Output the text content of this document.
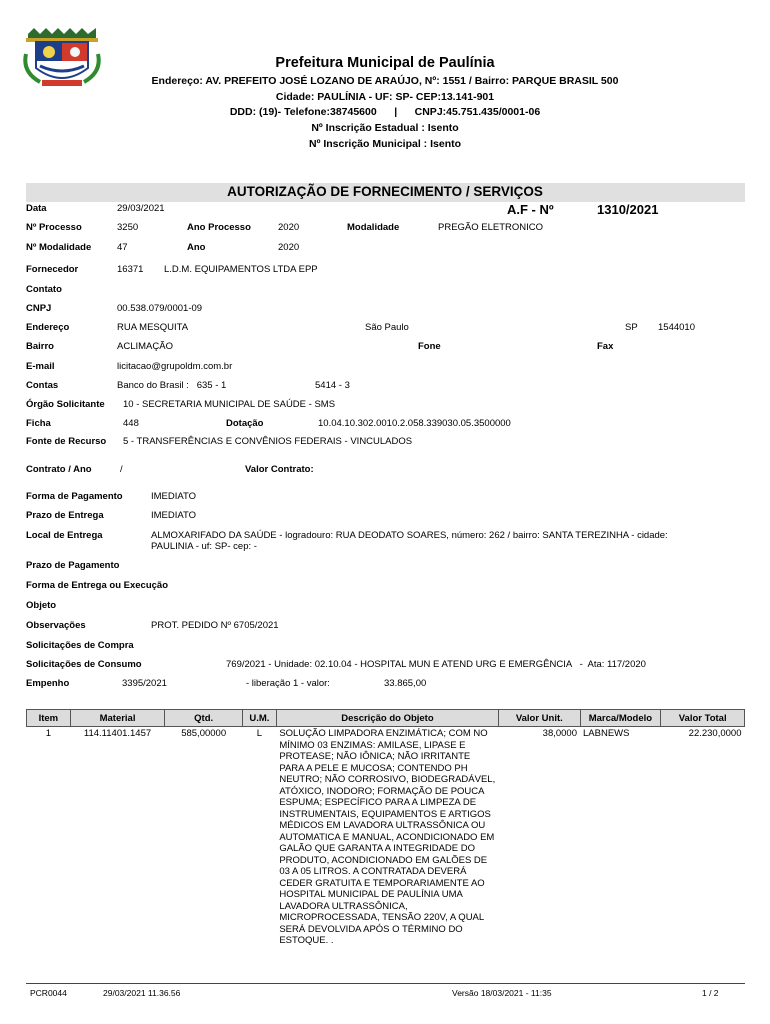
Prefeitura Municipal de Paulínia
Endereço: AV. PREFEITO JOSÉ LOZANO DE ARAÚJO, Nº: 1551 / Bairro: PARQUE BRASIL 500
Cidade: PAULÍNIA - UF: SP- CEP:13.141-901
DDD: (19)- Telefone:38745600      |      CNPJ:45.751.435/0001-06
Nº Inscrição Estadual : Isento
Nº Inscrição Municipal : Isento
AUTORIZAÇÃO DE FORNECIMENTO / SERVIÇOS
Data	29/03/2021	A.F - Nº	1310/2021
Nº Processo	3250	Ano Processo	2020	Modalidade	PREGÃO ELETRONICO
Nº Modalidade	47	Ano	2020
Fornecedor	16371 L.D.M. EQUIPAMENTOS LTDA EPP
Contato
CNPJ	00.538.079/0001-09
Endereço	RUA MESQUITA	São Paulo	SP 1544010
Bairro	ACLIMAÇÃO	Fone	Fax
E-mail	licitacao@grupoldm.com.br
Contas	Banco do Brasil :   635 - 1	5414 - 3
Órgão Solicitante 10 - SECRETARIA MUNICIPAL DE SAÚDE - SMS
Ficha	448	Dotação	10.04.10.302.0010.2.058.339030.05.3500000
Fonte de Recurso 5 - TRANSFERÊNCIAS E CONVÊNIOS FEDERAIS - VINCULADOS
Contrato / Ano	/	Valor Contrato:
Forma de Pagamento	IMEDIATO
Prazo de Entrega	IMEDIATO
Local de Entrega	ALMOXARIFADO DA SAÚDE - logradouro: RUA DEODATO SOARES, número: 262 / bairro: SANTA TEREZINHA - cidade:
PAULINIA - uf: SP- cep: -
Prazo de Pagamento
Forma de Entrega ou Execução
Objeto
Observações	PROT. PEDIDO Nº 6705/2021
Solicitações de Compra
Solicitações de Consumo	769/2021 - Unidade: 02.10.04 - HOSPITAL MUN E ATEND URG E EMERGÊNCIA   -  Ata: 117/2020
Empenho	3395/2021	- liberação 1 - valor:	33.865,00
Item	Material	Qtd.	U.M.	Descrição do Objeto	Valor Unit.	Marca/Modelo	Valor Total
1	114.11401.1457	585,00000	L	SOLUÇÃO LIMPADORA ENZIMÁTICA; COM NO MÍNIMO 03 ENZIMAS: AMILASE, LIPASE E PROTEASE; NÃO IÔNICA; NÃO IRRITANTE PARA A PELE E MUCOSA; CONTENDO PH NEUTRO; NÃO CORROSIVO, BIODEGRADÁVEL, ATÓXICO, INODORO; FORMAÇÃO DE POUCA ESPUMA; ESPECÍFICO PARA A LIMPEZA DE INSTRUMENTAIS, EQUIPAMENTOS E ARTIGOS MÉDICOS EM LAVADORA ULTRASSÔNICA OU AUTOMATICA E MANUAL, ACONDICIONADO EM GALÃO QUE GARANTA A INTEGRIDADE DO PRODUTO, ACONDICIONADO EM GALÕES DE 03 A 05 LITROS. A CONTRATADA DEVERÁ CEDER GRATUITA E TEMPORARIAMENTE AO HOSPITAL MUNICIPAL DE PAULÍNIA UMA LAVADORA ULTRASSÔNICA, MICROPROCESSADA, TENSÃO 220V, A QUAL SERÁ DEVOLVIDA APÓS O TÉRMINO DO ESTOQUE. .	38,0000	LABNEWS	22.230,0000
PCR0044	29/03/2021 11.36.56	Versão 18/03/2021 - 11:35	1 / 2
